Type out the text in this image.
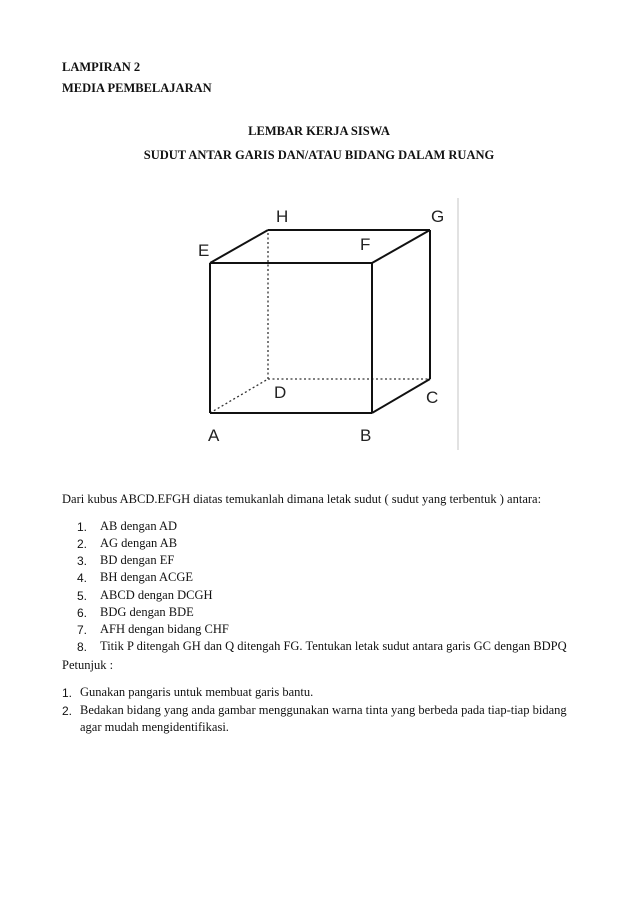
LAMPIRAN 2
MEDIA PEMBELAJARAN
LEMBAR KERJA SISWA
SUDUT ANTAR GARIS DAN/ATAU BIDANG DALAM RUANG
H	G
E	F
D	C
A	B
Dari kubus ABCD.EFGH diatas temukanlah dimana letak sudut ( sudut yang terbentuk ) antara:
1. AB dengan AD
2. AG dengan AB
3. BD dengan EF
4. BH dengan ACGE
5. ABCD dengan DCGH
6. BDG dengan BDE
7. AFH dengan bidang CHF
8. Titik P ditengah GH dan Q ditengah FG. Tentukan letak sudut antara garis GC dengan BDPQ
Petunjuk :
1. Gunakan pangaris untuk membuat garis bantu.
2. Bedakan bidang yang anda gambar menggunakan warna tinta yang berbeda pada tiap-tiap bidang
agar mudah mengidentifikasi.
